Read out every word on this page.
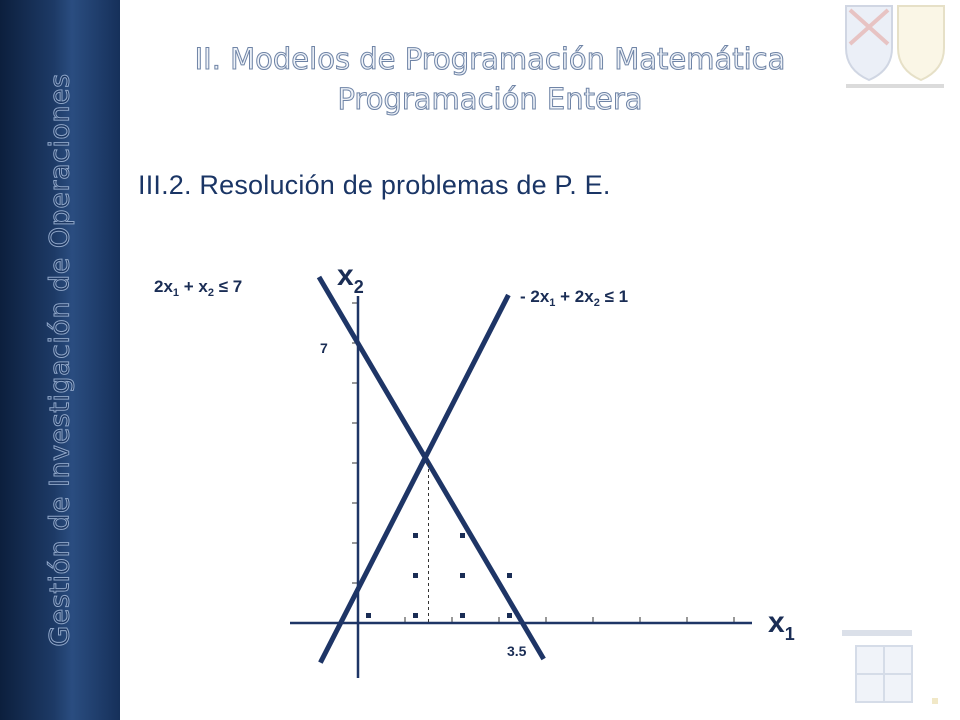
Gestión de Investigación de Operaciones
II. Modelos de Programación Matemática
Programación Entera
III.2. Resolución de problemas de P. E.
$x_1$
$x_2$
$2x_1 + x_2 \le 7$
- $2x_1 + 2x_2 \le 1$
7
3.5
